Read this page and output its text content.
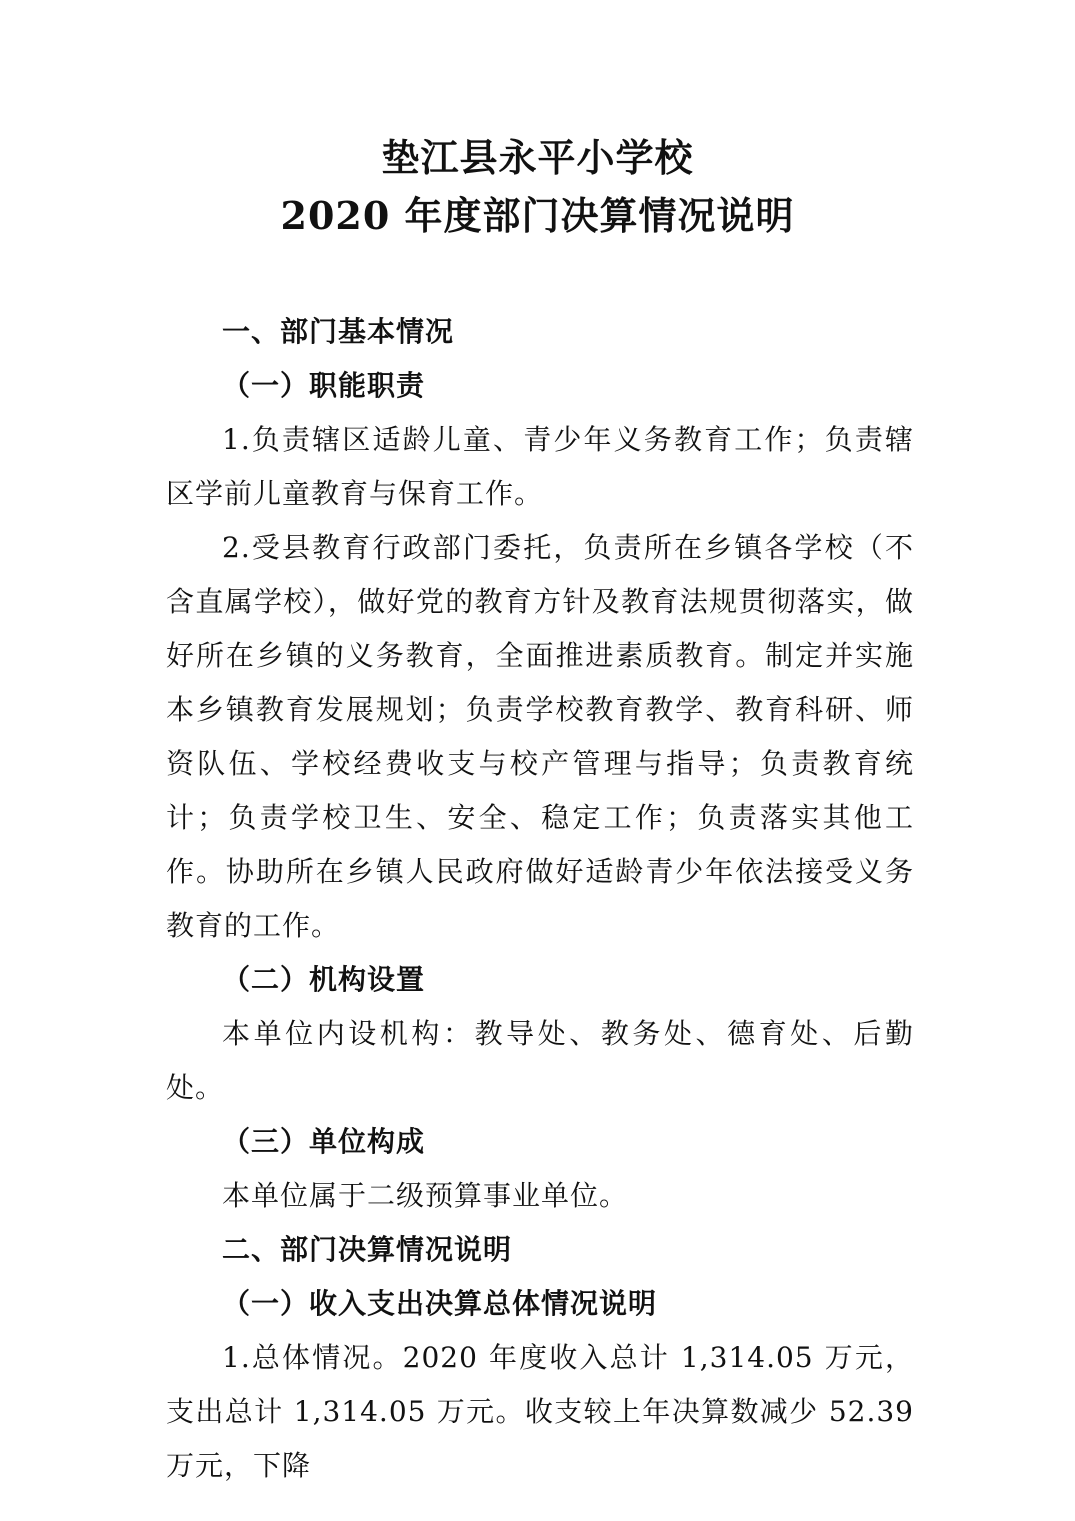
垫江县永平小学校
2020 年度部门决算情况说明

一、部门基本情况

（一）职能职责

1.负责辖区适龄儿童、青少年义务教育工作；负责辖区学前儿童教育与保育工作。

2.受县教育行政部门委托，负责所在乡镇各学校（不含直属学校），做好党的教育方针及教育法规贯彻落实，做好所在乡镇的义务教育，全面推进素质教育。制定并实施本乡镇教育发展规划；负责学校教育教学、教育科研、师资队伍、学校经费收支与校产管理与指导；负责教育统计；负责学校卫生、安全、稳定工作；负责落实其他工作。协助所在乡镇人民政府做好适龄青少年依法接受义务教育的工作。

（二）机构设置

本单位内设机构：教导处、教务处、德育处、后勤处。

（三）单位构成

本单位属于二级预算事业单位。

二、部门决算情况说明

（一）收入支出决算总体情况说明

1.总体情况。2020 年度收入总计 1,314.05 万元，支出总计 1,314.05 万元。收支较上年决算数减少 52.39 万元，下降
